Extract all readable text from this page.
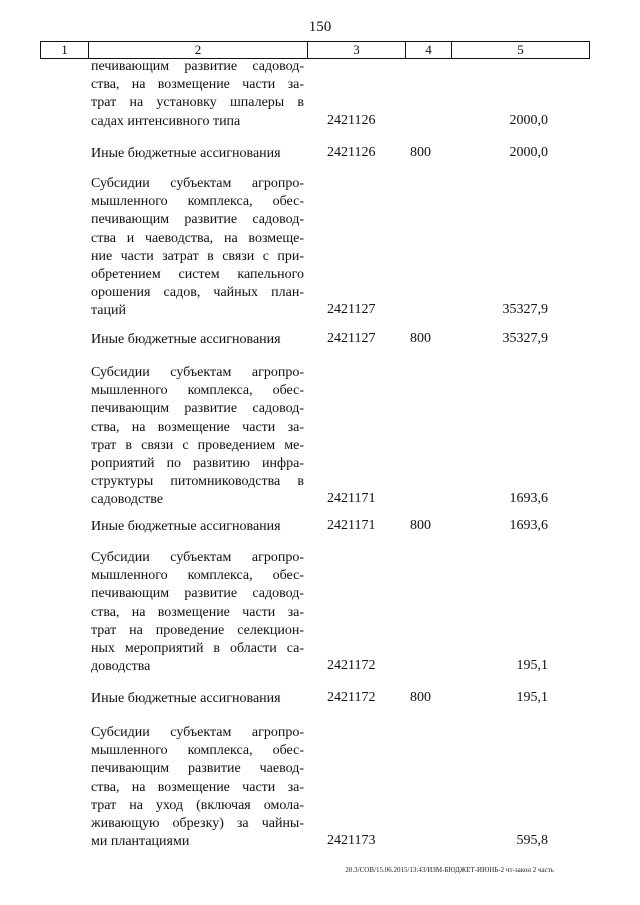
150
1	2	3	4	5
печивающим развитие садовод-
ства, на возмещение части за-
трат на установку шпалеры в
садах интенсивного типа	2421126	2000,0
Иные бюджетные ассигнования	2421126 800	2000,0
Субсидии субъектам агропро-
мышленного комплекса, обес-
печивающим развитие садовод-
ства и чаеводства, на возмеще-
ние части затрат в связи с при-
обретением систем капельного
орошения садов, чайных план-
таций	2421127	35327,9
Иные бюджетные ассигнования	2421127 800	35327,9
Субсидии субъектам агропро-
мышленного комплекса, обес-
печивающим развитие садовод-
ства, на возмещение части за-
трат в связи с проведением ме-
роприятий по развитию инфра-
структуры питомниководства в
садоводстве	2421171	1693,6
Иные бюджетные ассигнования	2421171 800	1693,6
Субсидии субъектам агропро-
мышленного комплекса, обес-
печивающим развитие садовод-
ства, на возмещение части за-
трат на проведение селекцион-
ных мероприятий в области са-
доводства	2421172	195,1
Иные бюджетные ассигнования	2421172 800	195,1
Субсидии субъектам агропро-
мышленного комплекса, обес-
печивающим развитие чаевод-
ства, на возмещение части за-
трат на уход (включая омола-
живающую обрезку) за чайны-
ми плантациями	2421173	595,8
20.3/СОВ/15.06.2015/13:43/ИЗМ-БЮДЖЕТ-ИЮНЬ-2 чт-закон 2 часть
